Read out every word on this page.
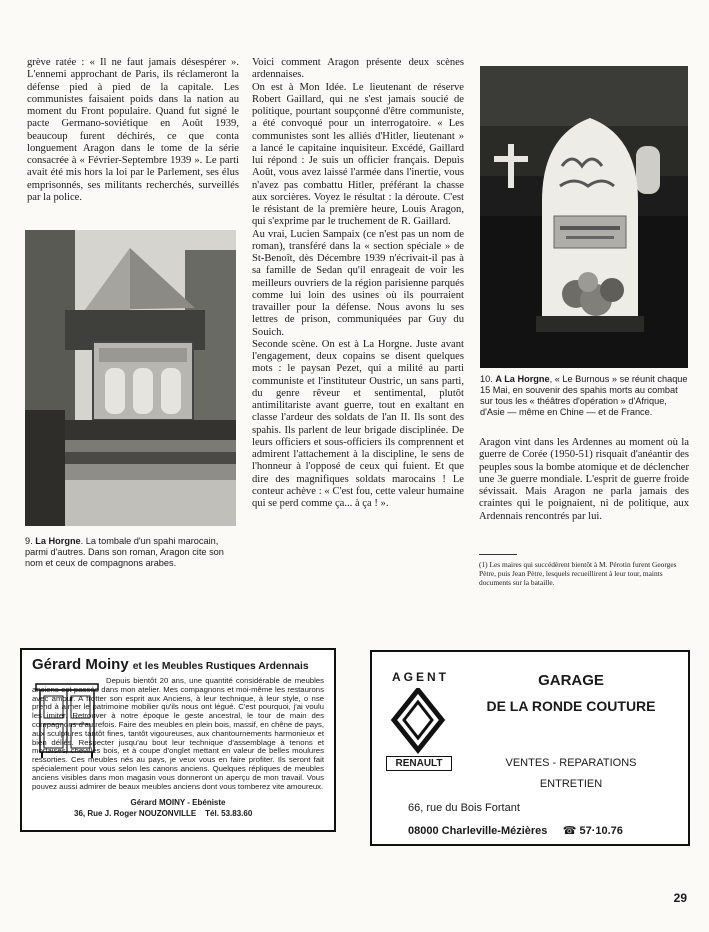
grève ratée : « Il ne faut jamais désespérer ». L'ennemi approchant de Paris, ils réclameront la défense pied à pied de la capitale. Les communistes faisaient poids dans la nation au moment du Front populaire. Quand fut signé le pacte Germano-soviétique en Août 1939, beaucoup furent déchirés, ce que conta longuement Aragon dans le tome de la série consacrée à « Février-Septembre 1939 ». Le parti avait été mis hors la loi par le Parlement, ses élus emprisonnés, ses militants recherchés, surveillés par la police.

9. La Horgne. La tombale d'un spahi marocain, parmi d'autres. Dans son roman, Aragon cite son nom et ceux de compagnons arabes.

Voici comment Aragon présente deux scènes ardennaises.

On est à Mon Idée. Le lieutenant de réserve Robert Gaillard, qui ne s'est jamais soucié de politique, pourtant soupçonné d'être communiste, a été convoqué pour un interrogatoire. « Les communistes sont les alliés d'Hitler, lieutenant » a lancé le capitaine inquisiteur. Excédé, Gaillard lui répond : Je suis un officier français. Depuis Août, vous avez laissé l'armée dans l'inertie, vous n'avez pas combattu Hitler, préférant la chasse aux sorcières. Voyez le résultat : la déroute. C'est le résistant de la première heure, Louis Aragon, qui s'exprime par le truchement de R. Gaillard.

Au vrai, Lucien Sampaix (ce n'est pas un nom de roman), transféré dans la « section spéciale » de St-Benoît, dès Décembre 1939 n'écrivait-il pas à sa famille de Sedan qu'il enrageait de voir les meilleurs ouvriers de la région parisienne parqués comme lui loin des usines où ils pourraient travailler pour la défense. Nous avons lu ses lettres de prison, communiquées par Guy du Souich.

Seconde scène. On est à La Horgne. Juste avant l'engagement, deux copains se disent quelques mots : le paysan Pezet, qui a milité au parti communiste et l'instituteur Oustric, un sans parti, du genre rêveur et sentimental, plutôt antimilitariste avant guerre, tout en exaltant en classe l'ardeur des soldats de l'an II. Ils sont des spahis. Ils parlent de leur brigade disciplinée. De leurs officiers et sous-officiers ils comprennent et admirent l'attachement à la discipline, le sens de l'honneur à l'opposé de ceux qui fuient. Et que dire des magnifiques soldats marocains ! Le conteur achève : « C'est fou, cette valeur humaine qui se perd comme ça... à ça ! ».

10. A La Horgne, « Le Burnous » se réunit chaque 15 Mai, en souvenir des spahis morts au combat sur tous les « théâtres d'opération » d'Afrique, d'Asie — même en Chine — et de France.

Aragon vint dans les Ardennes au moment où la guerre de Corée (1950-51) risquait d'anéantir des peuples sous la bombe atomique et de déclencher une 3e guerre mondiale. L'esprit de guerre froide sévissait. Mais Aragon ne parla jamais des craintes qui le poignaient, ni de politique, aux Ardennais rencontrés par lui.

(1) Les maires qui succédèrent bientôt à M. Pérotin furent Georges Pètre, puis Jean Pètre, lesquels recueillirent à leur tour, maints documents sur la bataille.
Gérard Moiny et les Meubles Rustiques Ardennais
Depuis bientôt 20 ans, une quantité considérable de meubles anciens est passée dans mon atelier. Mes compagnons et moi-même les restaurons avec amour. A frotter son esprit aux Anciens, à leur technique, à leur style, o nse prend à aimer le patrimoine mobilier qu'ils nous ont légué. C'est pourquoi, j'ai voulu les imiter. Retrouver à notre époque le geste ancestral, le tour de main des compagnons d'autrefois. Faire des meubles en plein bois, massif, en chêne de pays, aux sculptures tantôt fines, tantôt vigoureuses, aux chantournements harmonieux et bien déliés. Respecter jusqu'au bout leur technique d'assemblage à tenons et mortaises, chevillés bois, et à coupe d'onglet mettant en valeur de belles moulures ressorties. Ces meubles nés au pays, je veux vous en faire profiter. Ils seront fait spécialement pour vous selon les canons anciens. Quelques répliques de meubles anciens visibles dans mon magasin vous donneront un aperçu de mon travail. Vous pouvez aussi admirer de beaux meubles anciens dont vous tomberez vite amoureux.
Gérard MOINY - Ebéniste
36, Rue J. Roger NOUZONVILLE Tél. 53.83.60
AGENT
RENAULT
GARAGE
DE LA RONDE COUTURE
VENTES - REPARATIONS
ENTRETIEN
66, rue du Bois Fortant
08000 Charleville-Mézières ☎ 57·10.76
29
